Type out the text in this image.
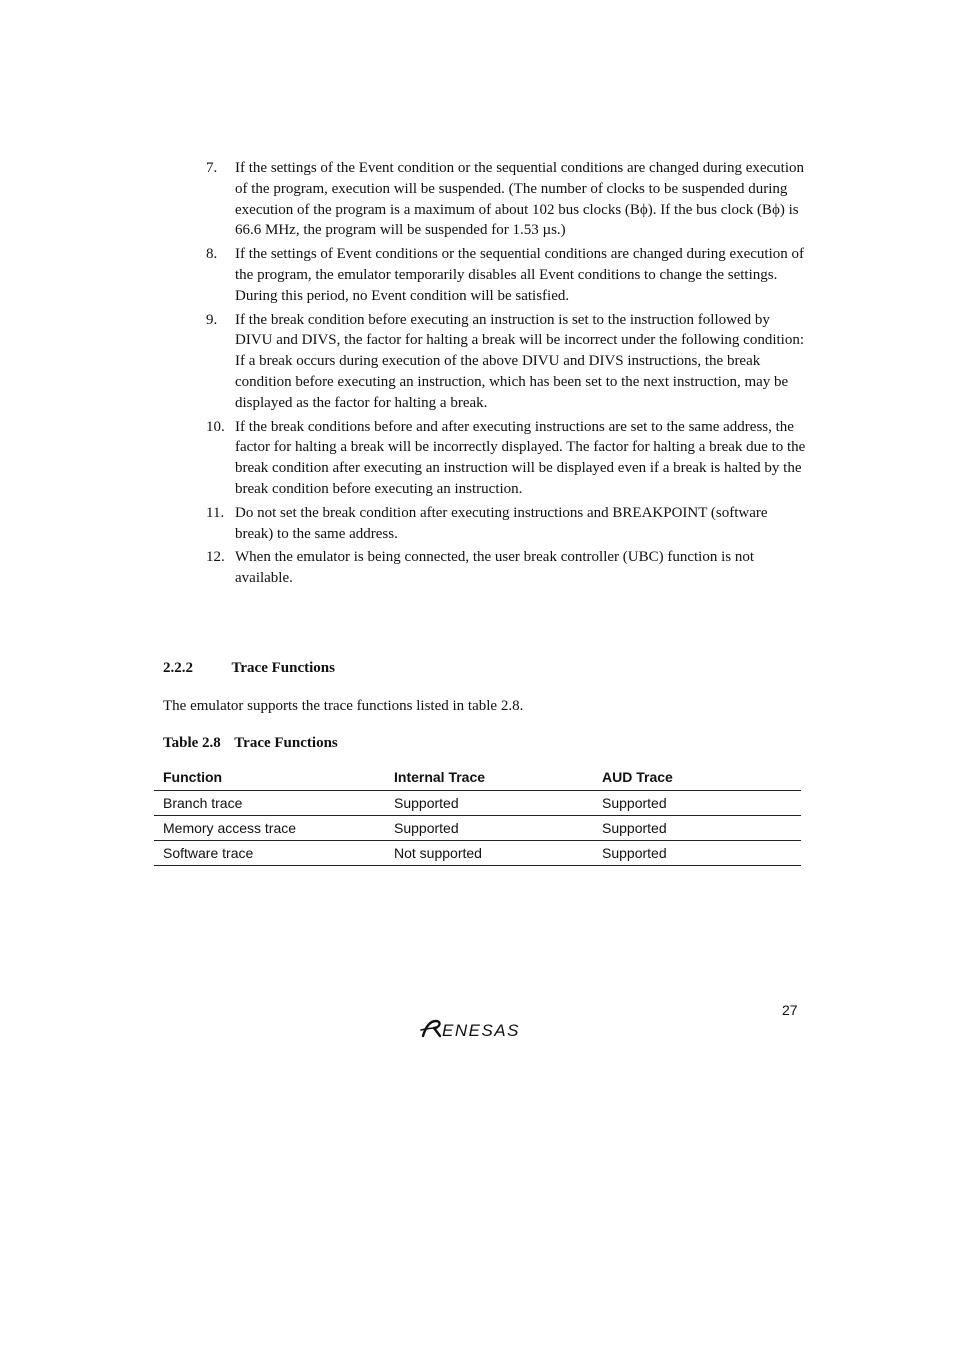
7.	If the settings of the Event condition or the sequential conditions are changed during execution of the program, execution will be suspended. (The number of clocks to be suspended during execution of the program is a maximum of about 102 bus clocks (Bϕ). If the bus clock (Bϕ) is 66.6 MHz, the program will be suspended for 1.53 µs.)

8.	If the settings of Event conditions or the sequential conditions are changed during execution of the program, the emulator temporarily disables all Event conditions to change the settings. During this period, no Event condition will be satisfied.

9.	If the break condition before executing an instruction is set to the instruction followed by DIVU and DIVS, the factor for halting a break will be incorrect under the following condition:

If a break occurs during execution of the above DIVU and DIVS instructions, the break condition before executing an instruction, which has been set to the next instruction, may be displayed as the factor for halting a break.

10. If the break conditions before and after executing instructions are set to the same address, the factor for halting a break will be incorrectly displayed. The factor for halting a break due to the break condition after executing an instruction will be displayed even if a break is halted by the break condition before executing an instruction.

11. Do not set the break condition after executing instructions and BREAKPOINT (software break) to the same address.

12. When the emulator is being connected, the user break controller (UBC) function is not available.

2.2.2	Trace Functions

The emulator supports the trace functions listed in table 2.8.

Table 2.8 Trace Functions
Function	Internal Trace	AUD Trace
Branch trace	Supported	Supported
Memory access trace	Supported	Supported
Software trace	Not supported	Supported
27
ENESAS
